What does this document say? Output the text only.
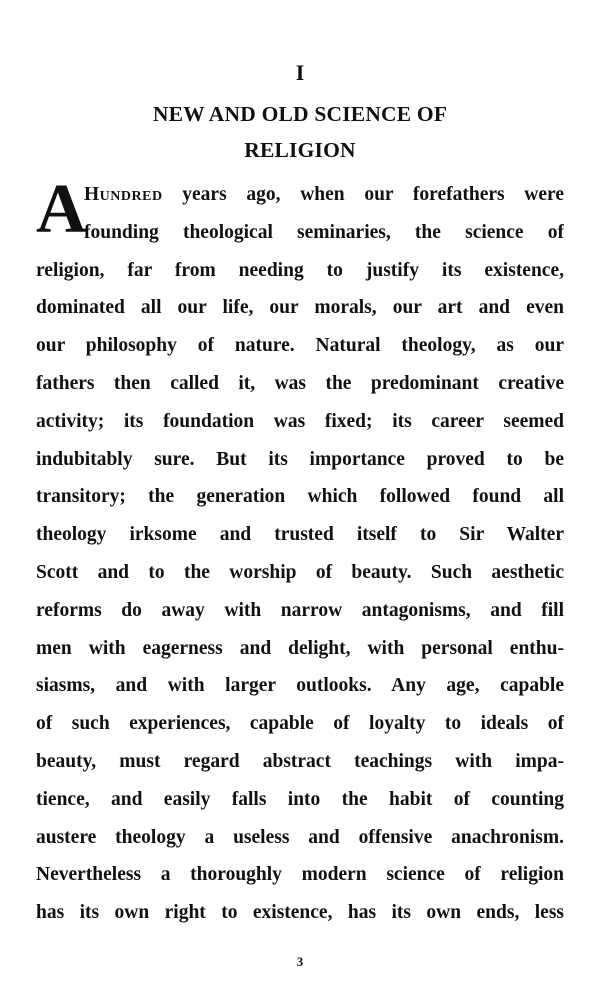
I
NEW AND OLD SCIENCE OF
RELIGION
A
Hundred years ago, when our forefathers were
founding theological seminaries, the science of
religion, far from needing to justify its existence,
dominated all our life, our morals, our art and even
our philosophy of nature. Natural theology, as our
fathers then called it, was the predominant creative
activity; its foundation was fixed; its career seemed
indubitably sure. But its importance proved to be
transitory; the generation which followed found all
theology irksome and trusted itself to Sir Walter
Scott and to the worship of beauty. Such aesthetic
reforms do away with narrow antagonisms, and fill
men with eagerness and delight, with personal enthu-
siasms, and with larger outlooks. Any age, capable
of such experiences, capable of loyalty to ideals of
beauty, must regard abstract teachings with impa-
tience, and easily falls into the habit of counting
austere theology a useless and offensive anachronism.
Nevertheless a thoroughly modern science of religion
has its own right to existence, has its own ends, less
3
